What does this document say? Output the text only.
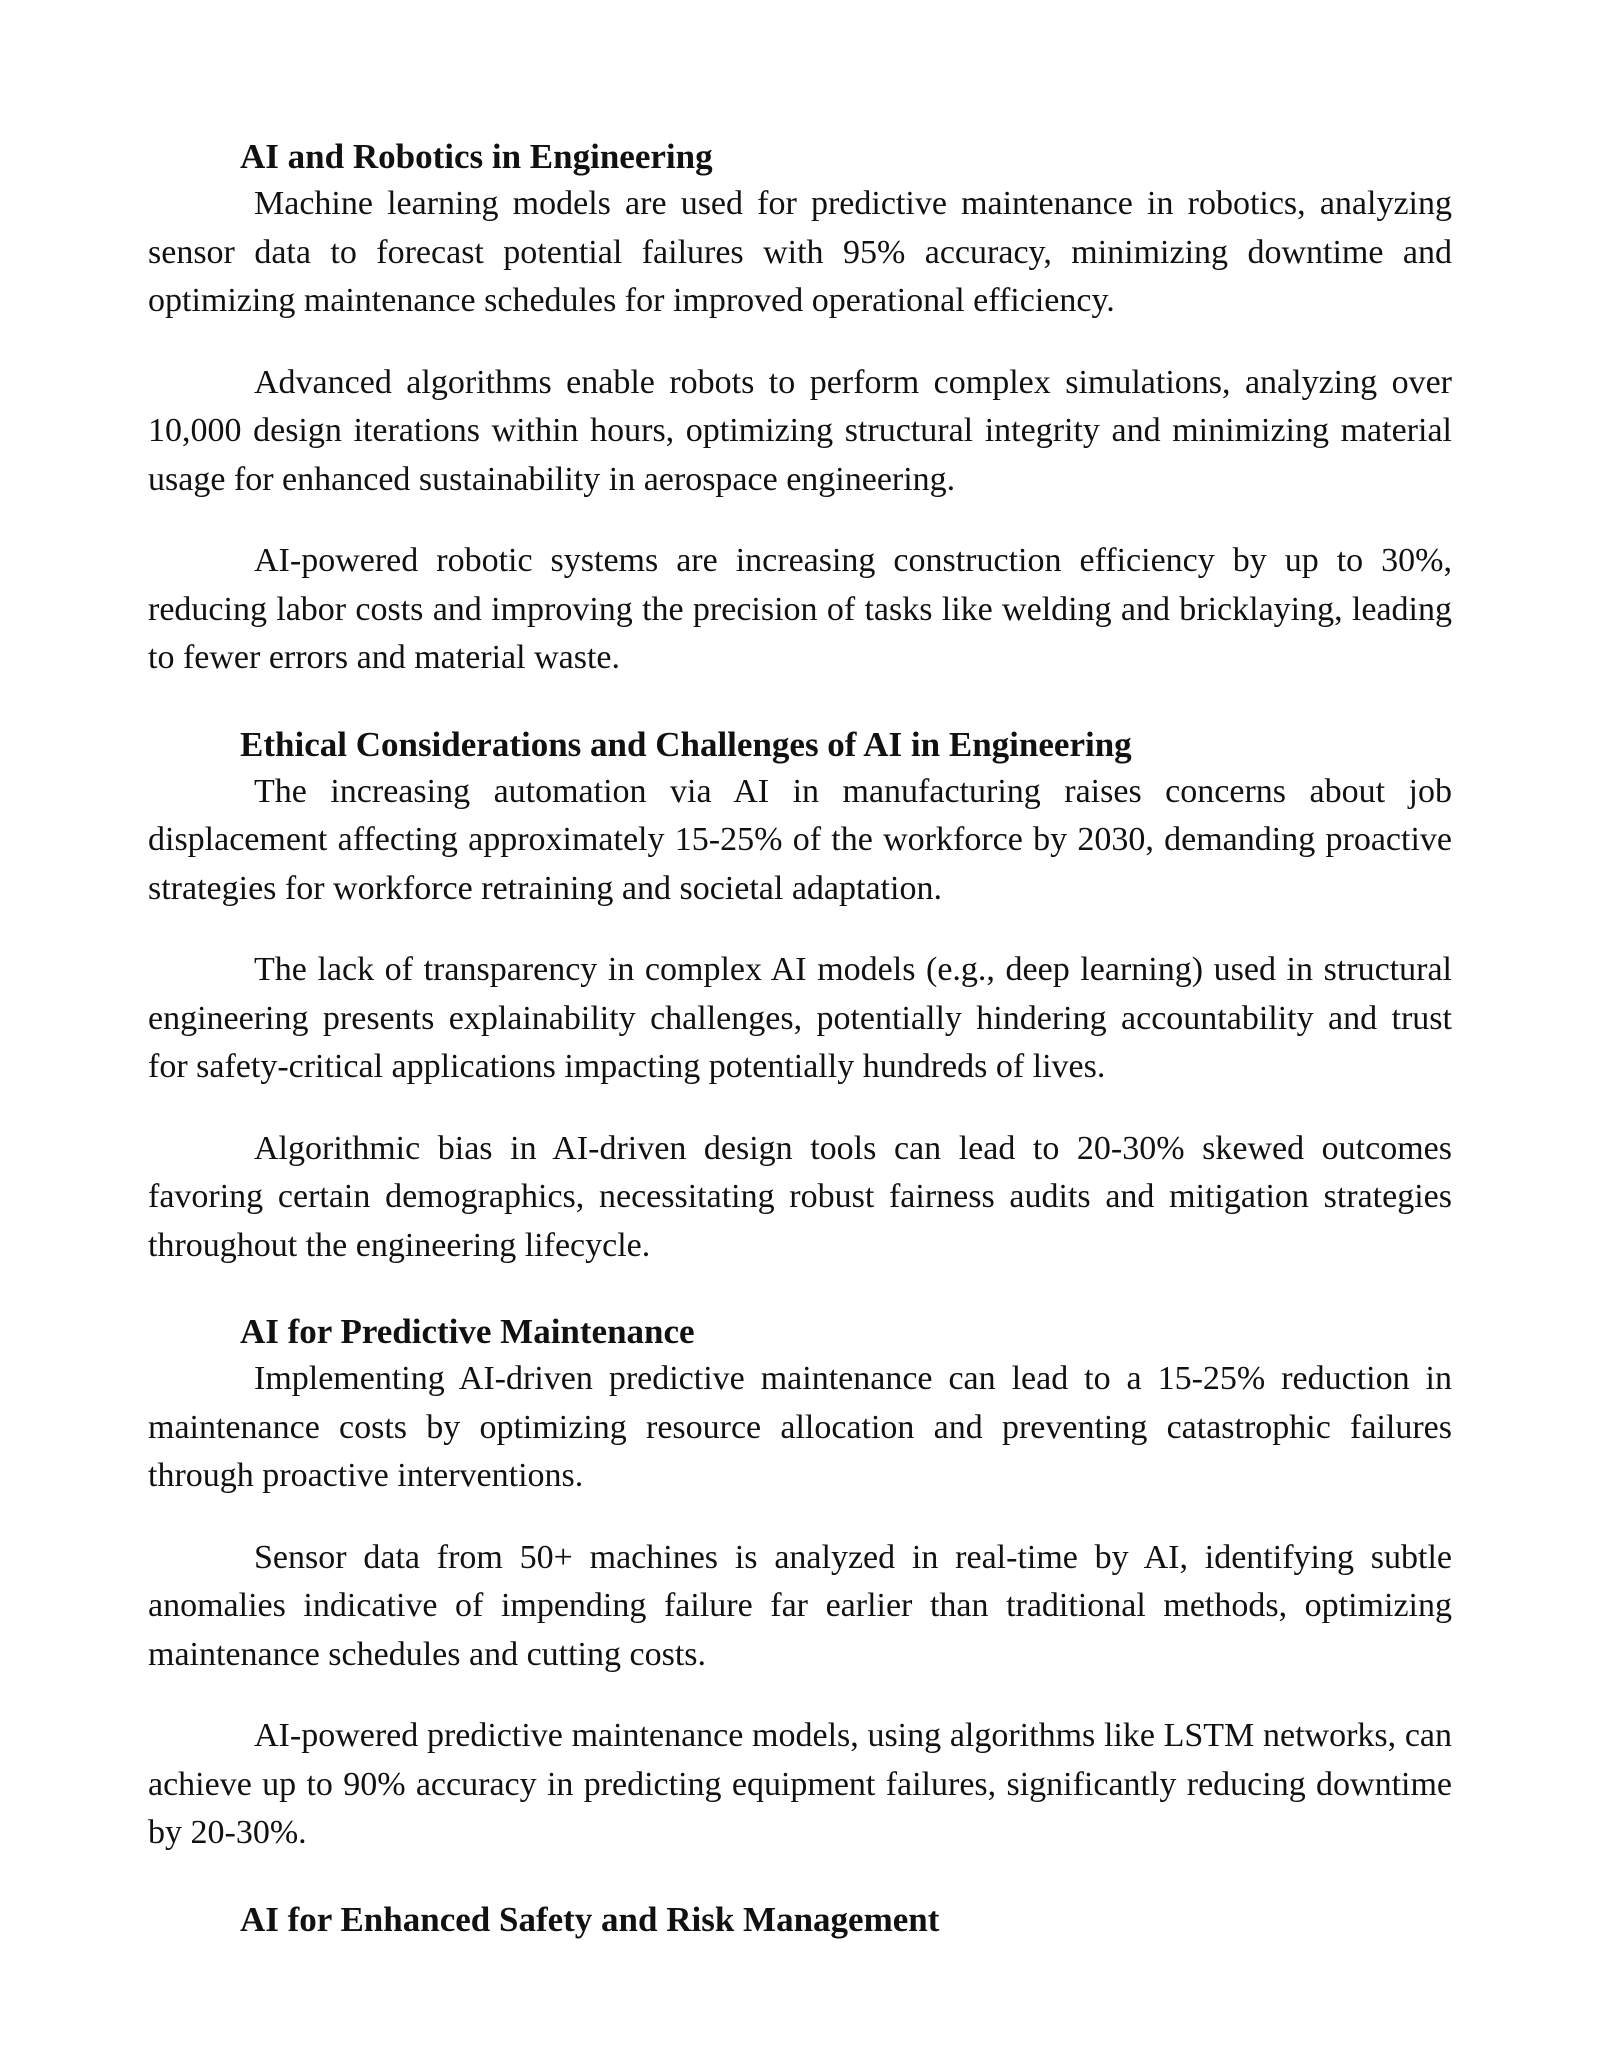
AI and Robotics in Engineering

Machine learning models are used for predictive maintenance in robotics, analyzing sensor data to forecast potential failures with 95% accuracy, minimizing downtime and optimizing maintenance schedules for improved operational efficiency.

Advanced algorithms enable robots to perform complex simulations, analyzing over 10,000 design iterations within hours, optimizing structural integrity and minimizing material usage for enhanced sustainability in aerospace engineering.

AI-powered robotic systems are increasing construction efficiency by up to 30%, reducing labor costs and improving the precision of tasks like welding and bricklaying, leading to fewer errors and material waste.

Ethical Considerations and Challenges of AI in Engineering

The increasing automation via AI in manufacturing raises concerns about job displacement affecting approximately 15-25% of the workforce by 2030, demanding proactive strategies for workforce retraining and societal adaptation.

The lack of transparency in complex AI models (e.g., deep learning) used in structural engineering presents explainability challenges, potentially hindering accountability and trust for safety-critical applications impacting potentially hundreds of lives.

Algorithmic bias in AI-driven design tools can lead to 20-30% skewed outcomes favoring certain demographics, necessitating robust fairness audits and mitigation strategies throughout the engineering lifecycle.

AI for Predictive Maintenance

Implementing AI-driven predictive maintenance can lead to a 15-25% reduction in maintenance costs by optimizing resource allocation and preventing catastrophic failures through proactive interventions.

Sensor data from 50+ machines is analyzed in real-time by AI, identifying subtle anomalies indicative of impending failure far earlier than traditional methods, optimizing maintenance schedules and cutting costs.

AI-powered predictive maintenance models, using algorithms like LSTM networks, can achieve up to 90% accuracy in predicting equipment failures, significantly reducing downtime by 20-30%.

AI for Enhanced Safety and Risk Management
